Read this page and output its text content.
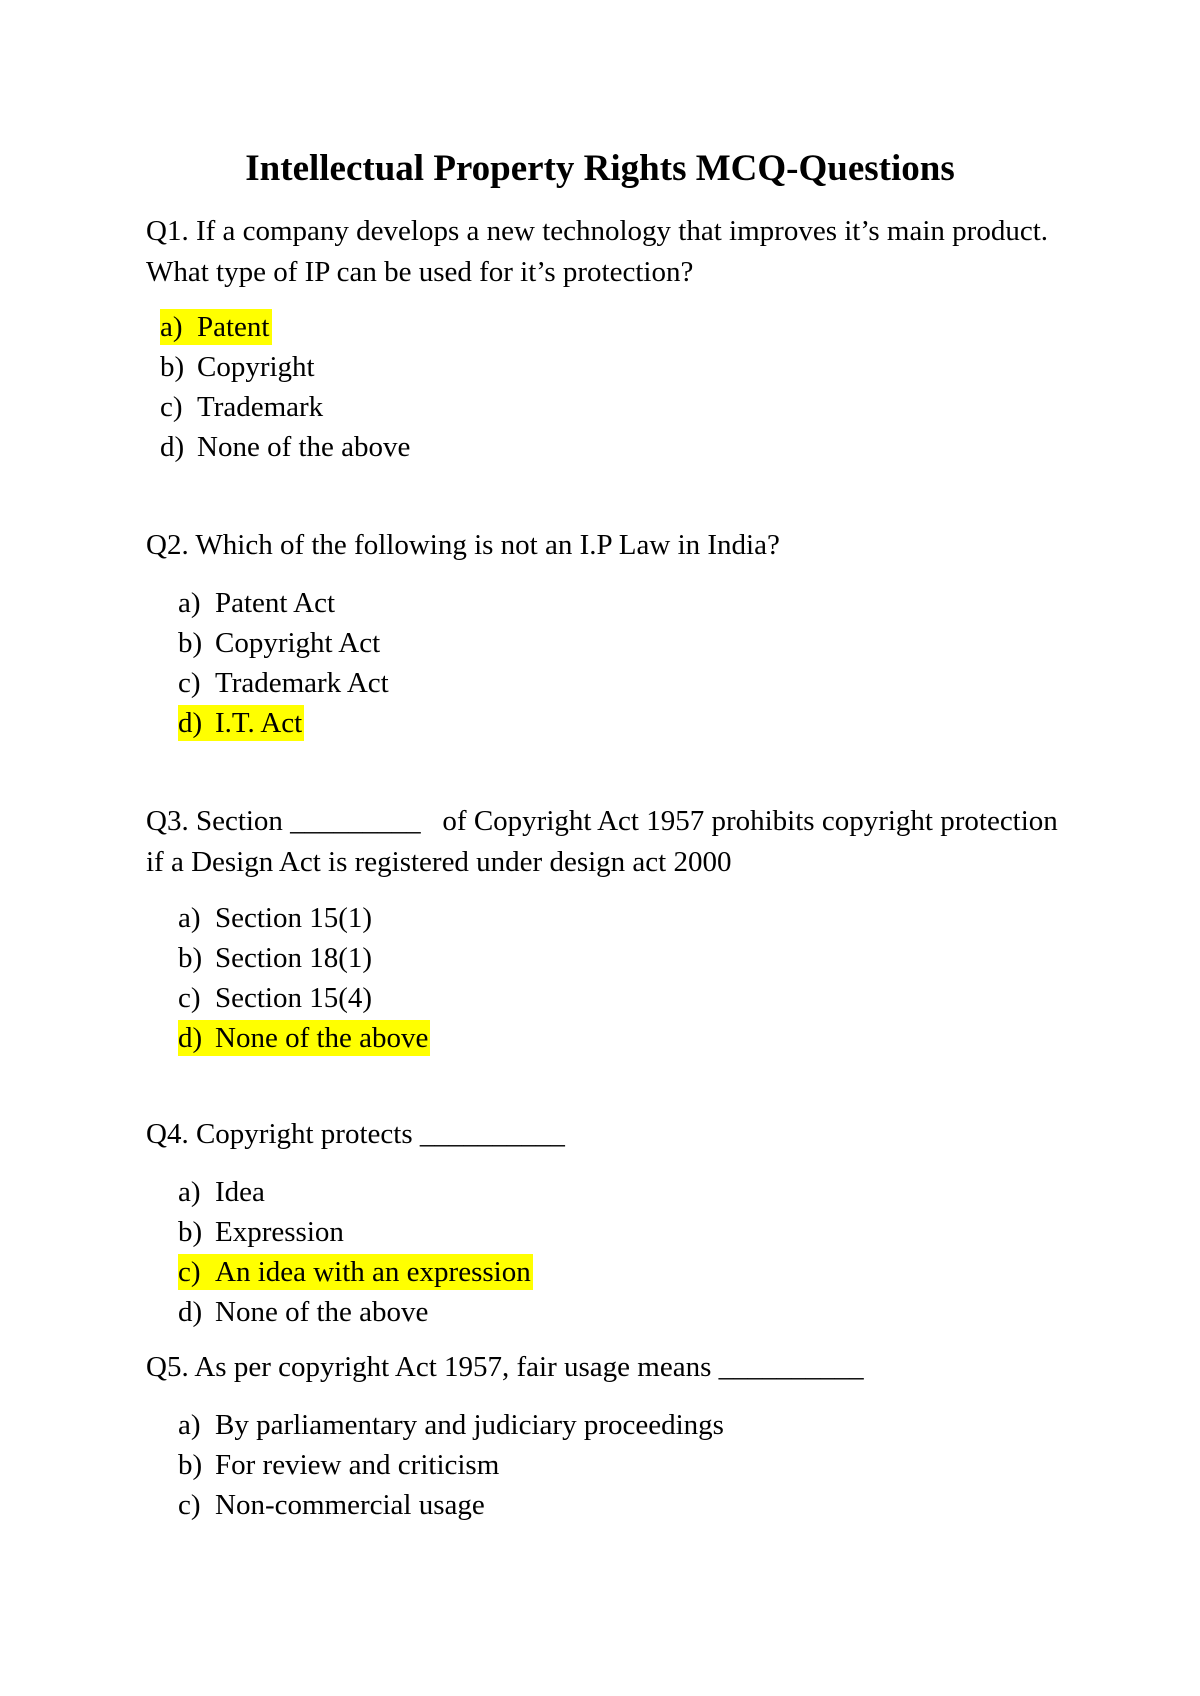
Intellectual Property Rights MCQ-Questions
Q1. If a company develops a new technology that improves it’s main product. What type of IP can be used for it’s protection?
a) Patent
b) Copyright
c) Trademark
d) None of the above
Q2. Which of the following is not an I.P Law in India?
a) Patent Act
b) Copyright Act
c) Trademark Act
d) I.T. Act
Q3. Section _________   of Copyright Act 1957 prohibits copyright protection if a Design Act is registered under design act 2000
a) Section 15(1)
b) Section 18(1)
c) Section 15(4)
d) None of the above
Q4. Copyright protects __________
a) Idea
b) Expression
c) An idea with an expression
d) None of the above
Q5. As per copyright Act 1957, fair usage means __________
a) By parliamentary and judiciary proceedings
b) For review and criticism
c) Non-commercial usage
